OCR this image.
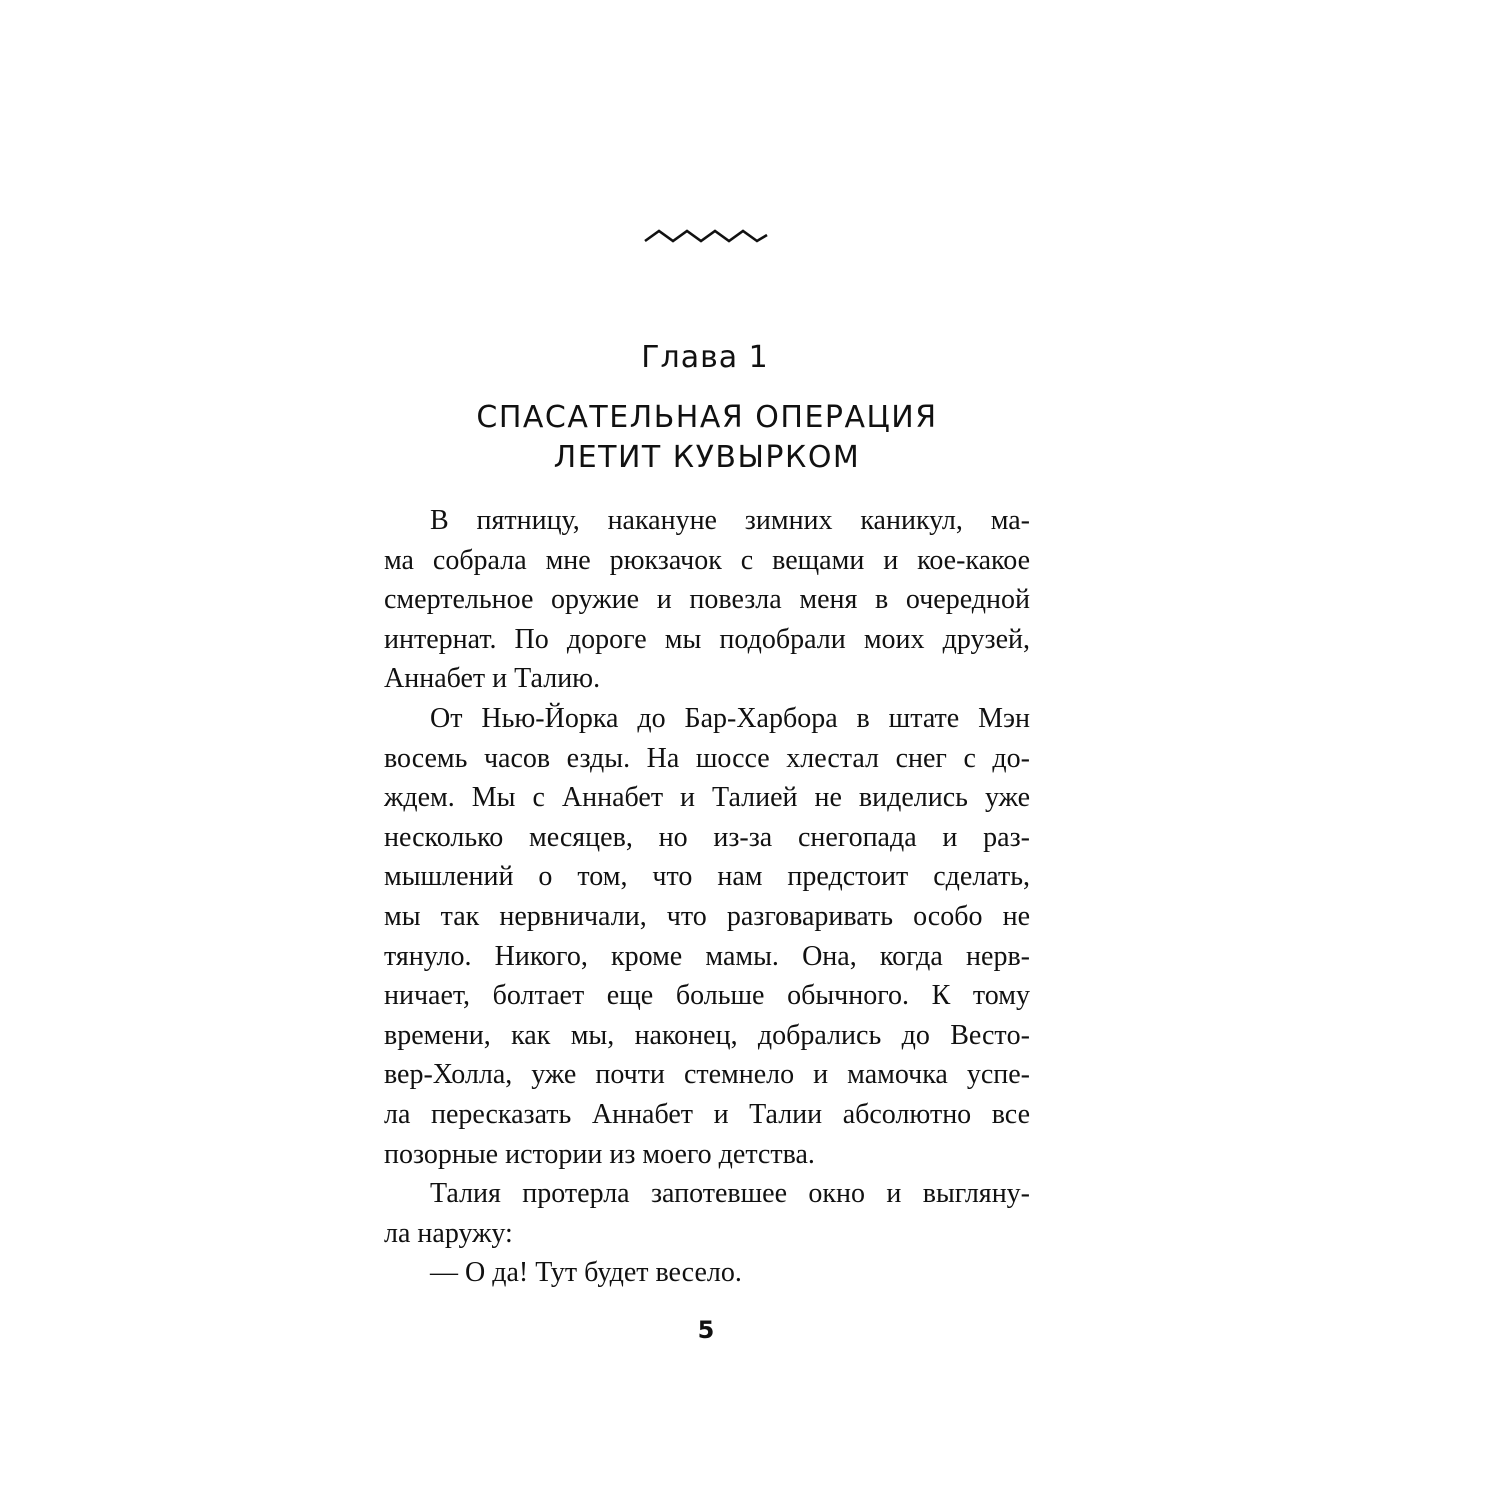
Глава 1
СПАСАТЕЛЬНАЯ ОПЕРАЦИЯ
ЛЕТИТ КУВЫРКОМ
В пятницу, накануне зимних каникул, ма-
ма собрала мне рюкзачок с вещами и кое-какое
смертельное оружие и повезла меня в очередной
интернат. По дороге мы подобрали моих друзей,
Аннабет и Талию.
От Нью-Йорка до Бар-Харбора в штате Мэн
восемь часов езды. На шоссе хлестал снег с до-
ждем. Мы с Аннабет и Талией не виделись уже
несколько месяцев, но из-за снегопада и раз-
мышлений о том, что нам предстоит сделать,
мы так нервничали, что разговаривать особо не
тянуло. Никого, кроме мамы. Она, когда нерв-
ничает, болтает еще больше обычного. К тому
времени, как мы, наконец, добрались до Вестo-
вер-Холла, уже почти стемнело и мамочка успе-
ла пересказать Аннабет и Талии абсолютно все
позорные истории из моего детства.
Талия протерла запотевшее окно и выгляну-
ла наружу:
— О да! Тут будет весело.
5
